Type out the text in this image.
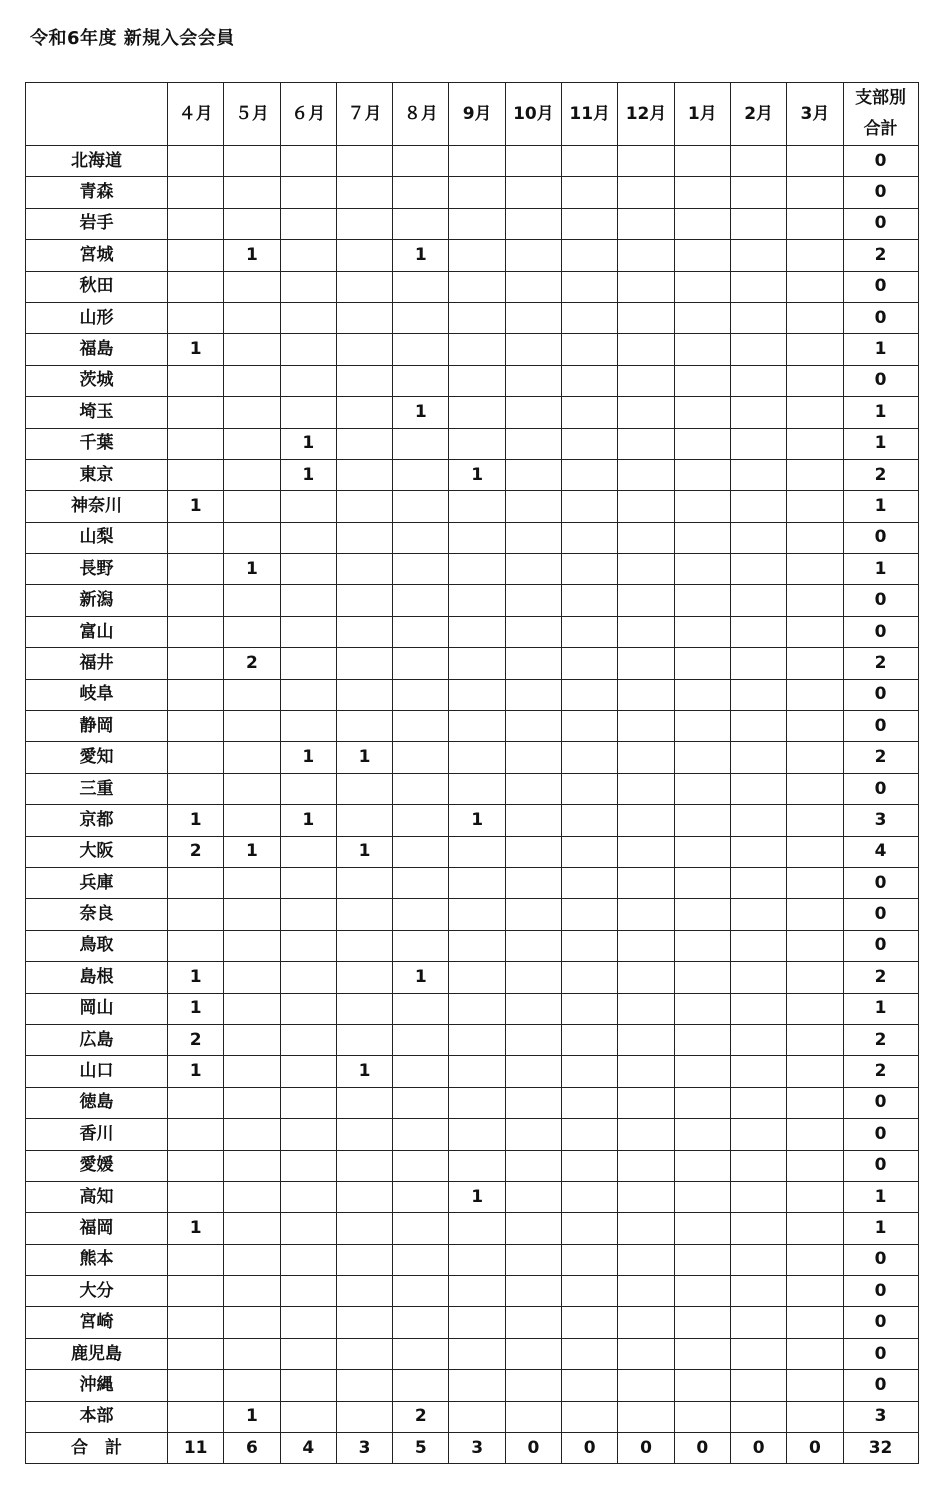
令和6年度 新規入会会員
	４月	５月	６月	７月	８月	9月	10月	11月	12月	1月	2月	3月	支部別
合計
北海道													0
青森													0
岩手													0
宮城		1			1								2
秋田													0
山形													0
福島	1												1
茨城													0
埼玉					1								1
千葉			1										1
東京			1			1							2
神奈川	1												1
山梨													0
長野		1											1
新潟													0
富山													0
福井		2											2
岐阜													0
静岡													0
愛知			1	1									2
三重													0
京都	1		1			1							3
大阪	2	1		1									4
兵庫													0
奈良													0
鳥取													0
島根	1				1								2
岡山	1												1
広島	2												2
山口	1			1									2
徳島													0
香川													0
愛媛													0
高知						1							1
福岡	1												1
熊本													0
大分													0
宮崎													0
鹿児島													0
沖縄													0
本部		1			2								3
合　計	11	6	4	3	5	3	0	0	0	0	0	0	32
